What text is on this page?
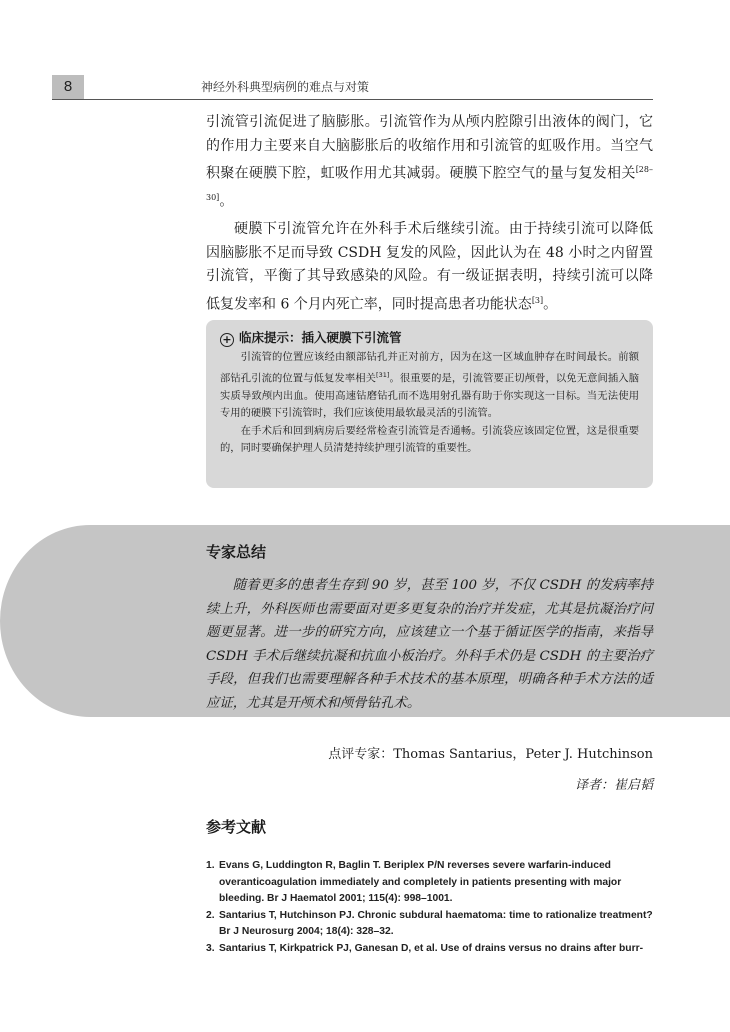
8	神经外科典型病例的难点与对策

引流管引流促进了脑膨胀。引流管作为从颅内腔隙引出液体的阀门，它的作用力主要来自大脑膨胀后的收缩作用和引流管的虹吸作用。当空气积聚在硬膜下腔，虹吸作用尤其减弱。硬膜下腔空气的量与复发相关[28–30]。

硬膜下引流管允许在外科手术后继续引流。由于持续引流可以降低因脑膨胀不足而导致 CSDH 复发的风险，因此认为在 48 小时之内留置引流管，平衡了其导致感染的风险。有一级证据表明，持续引流可以降低复发率和 6 个月内死亡率，同时提高患者功能状态[3]。

+ 临床提示：插入硬膜下引流管

引流管的位置应该经由额部钻孔并正对前方，因为在这一区域血肿存在时间最长。前额部钻孔引流的位置与低复发率相关[31]。很重要的是，引流管要正切颅骨，以免无意间插入脑实质导致颅内出血。使用高速钻磨钻孔而不选用射孔器有助于你实现这一目标。当无法使用专用的硬膜下引流管时，我们应该使用最软最灵活的引流管。

在手术后和回到病房后要经常检查引流管是否通畅。引流袋应该固定位置，这是很重要的，同时要确保护理人员清楚持续护理引流管的重要性。

专家总结

随着更多的患者生存到 90 岁，甚至 100 岁，不仅 CSDH 的发病率持续上升，外科医师也需要面对更多更复杂的治疗并发症，尤其是抗凝治疗问题更显著。进一步的研究方向，应该建立一个基于循证医学的指南，来指导 CSDH 手术后继续抗凝和抗血小板治疗。外科手术仍是 CSDH 的主要治疗手段，但我们也需要理解各种手术技术的基本原理，明确各种手术方法的适应证，尤其是开颅术和颅骨钻孔术。

点评专家：Thomas Santarius，Peter J. Hutchinson
译者：崔启韬
参考文献
1. Evans G, Luddington R, Baglin T. Beriplex P/N reverses severe warfarin-induced overanticoagulation immediately and completely in patients presenting with major bleeding. Br J Haematol 2001; 115(4): 998–1001.
2. Santarius T, Hutchinson PJ. Chronic subdural haematoma: time to rationalize treatment? Br J Neurosurg 2004; 18(4): 328–32.
3. Santarius T, Kirkpatrick PJ, Ganesan D, et al. Use of drains versus no drains after burr-
